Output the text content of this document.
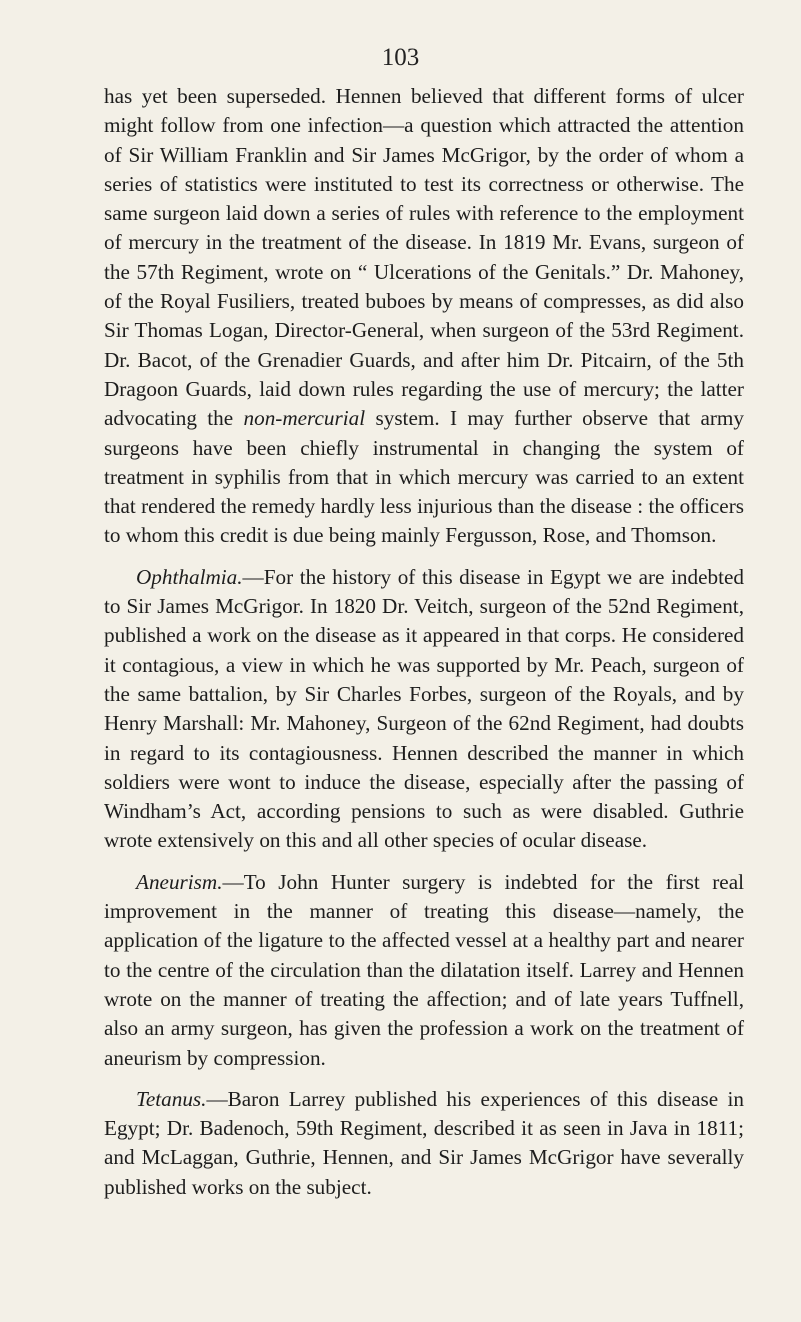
103

has yet been superseded. Hennen believed that different forms of ulcer might follow from one infection—a question which attracted the attention of Sir William Franklin and Sir James McGrigor, by the order of whom a series of statistics were instituted to test its correctness or otherwise. The same surgeon laid down a series of rules with reference to the employment of mercury in the treatment of the disease. In 1819 Mr. Evans, surgeon of the 57th Regiment, wrote on “ Ulcerations of the Genitals.” Dr. Mahoney, of the Royal Fusiliers, treated buboes by means of compresses, as did also Sir Thomas Logan, Director-General, when surgeon of the 53rd Regiment. Dr. Bacot, of the Grenadier Guards, and after him Dr. Pitcairn, of the 5th Dragoon Guards, laid down rules regarding the use of mercury; the latter advocating the non-mercurial system. I may further observe that army surgeons have been chiefly instrumental in changing the system of treatment in syphilis from that in which mercury was carried to an extent that rendered the remedy hardly less injurious than the disease : the officers to whom this credit is due being mainly Fergusson, Rose, and Thomson.

Ophthalmia.—For the history of this disease in Egypt we are indebted to Sir James McGrigor. In 1820 Dr. Veitch, surgeon of the 52nd Regiment, published a work on the disease as it appeared in that corps. He considered it contagious, a view in which he was supported by Mr. Peach, surgeon of the same battalion, by Sir Charles Forbes, surgeon of the Royals, and by Henry Marshall: Mr. Mahoney, Surgeon of the 62nd Regiment, had doubts in regard to its contagiousness. Hennen described the manner in which soldiers were wont to induce the disease, especially after the passing of Windham’s Act, according pensions to such as were disabled. Guthrie wrote extensively on this and all other species of ocular disease.

Aneurism.—To John Hunter surgery is indebted for the first real improvement in the manner of treating this disease—namely, the application of the ligature to the affected vessel at a healthy part and nearer to the centre of the circulation than the dilatation itself. Larrey and Hennen wrote on the manner of treating the affection; and of late years Tuffnell, also an army surgeon, has given the profession a work on the treatment of aneurism by compression.

Tetanus.—Baron Larrey published his experiences of this disease in Egypt; Dr. Badenoch, 59th Regiment, described it as seen in Java in 1811; and McLaggan, Guthrie, Hennen, and Sir James McGrigor have severally published works on the subject.
